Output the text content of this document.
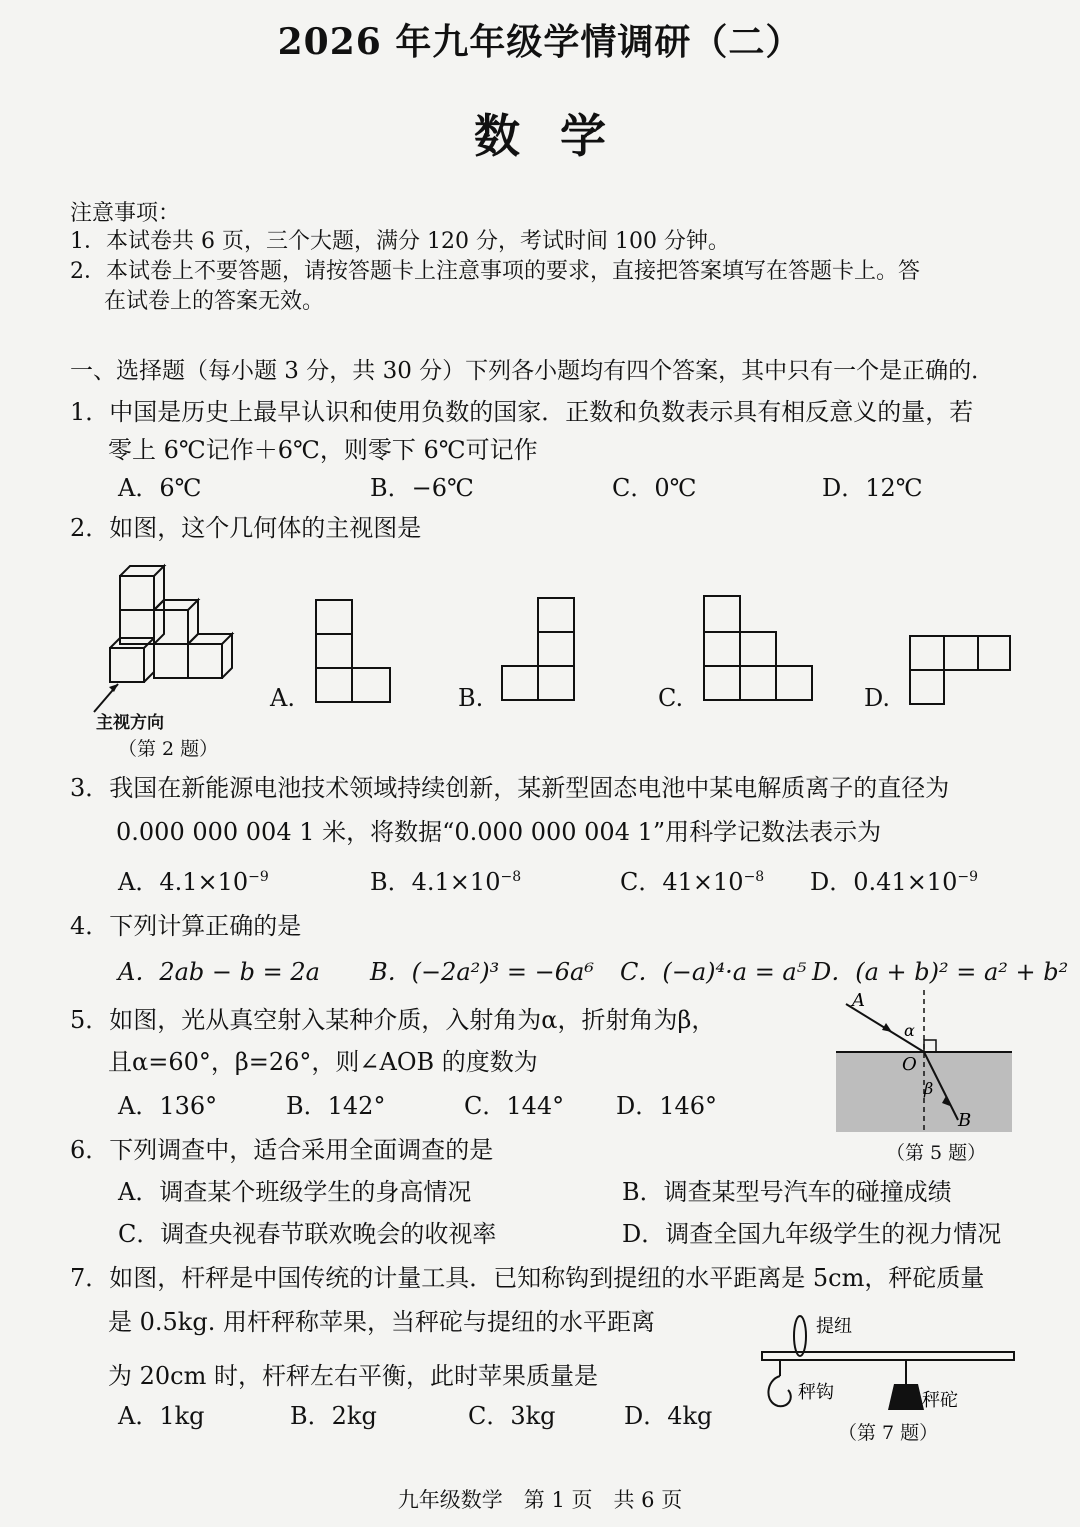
2026 年九年级学情调研（二）
数学
注意事项：
1．本试卷共 6 页，三个大题，满分 120 分，考试时间 100 分钟。
2．本试卷上不要答题，请按答题卡上注意事项的要求，直接把答案填写在答题卡上。答
在试卷上的答案无效。
一、选择题（每小题 3 分，共 30 分）下列各小题均有四个答案，其中只有一个是正确的．
1．中国是历史上最早认识和使用负数的国家．正数和负数表示具有相反意义的量，若
零上 6℃记作＋6℃，则零下 6℃可记作
A．6℃	B．−6℃	C．0℃	D．12℃
2．如图，这个几何体的主视图是
主视方向
（第 2 题）
A.	B.	C.	D.
3．我国在新能源电池技术领域持续创新，某新型固态电池中某电解质离子的直径为
0.000 000 004 1 米，将数据“0.000 000 004 1”用科学记数法表示为
A．$4.1\times 10^{-9}$	B．$4.1\times 10^{-8}$	C．$41\times 10^{-8}$ D．$0.41\times 10^{-9}$
4．下列计算正确的是
A．2ab − b = 2a B．(−2a²)³ = −6a⁶ C．(−a)⁴·a = a⁵ D．(a + b)² = a² + b²
5．如图，光从真空射入某种介质，入射角为α，折射角为β，
且α=60°，β=26°，则∠AOB 的度数为
A．136°	B．142°	C．144° D．146°
A
α
O
β
B
（第 5 题）
6．下列调查中，适合采用全面调查的是
A．调查某个班级学生的身高情况	B．调查某型号汽车的碰撞成绩
C．调查央视春节联欢晚会的收视率	D．调查全国九年级学生的视力情况
7．如图，杆秤是中国传统的计量工具．已知称钩到提纽的水平距离是 5cm，秤砣质量
是 0.5kg. 用杆秤称苹果，当秤砣与提纽的水平距离
为 20cm 时，杆秤左右平衡，此时苹果质量是
A．1kg	B．2kg	C．3kg	D．4kg
提纽
秤钩	秤砣
（第 7 题）
九年级数学　第 1 页　共 6 页
